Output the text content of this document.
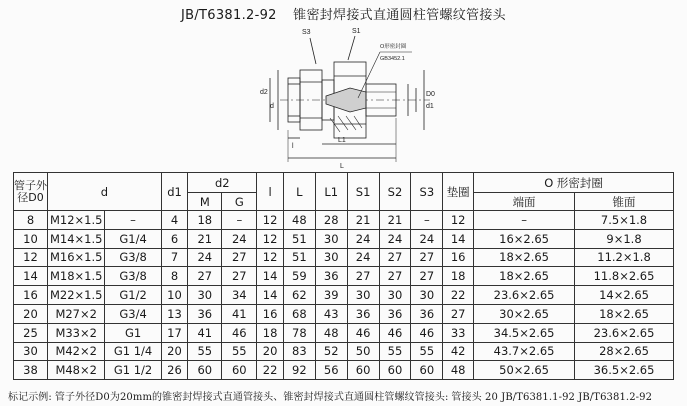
JB/T6381.2-92 锥密封焊接式直通圆柱管螺纹管接头
S3	S1
O形密封圈
GB3452.1
d2
d
D0
d1
L1
l
L
管子外径D0	d		d1	d2		l	L	L1	S1	S2	S3	垫圈	O 形密封圈	
				M	G								端面	锥面
8	M12×1.5	–	4	18	–	12	48	28	21	21	–	12	–	7.5×1.8
10	M14×1.5	G1/4	6	21	24	12	51	30	24	24	24	14	16×2.65	9×1.8
12	M16×1.5	G3/8	7	24	27	12	51	30	24	27	27	16	18×2.65	11.2×1.8
14	M18×1.5	G3/8	8	27	27	14	59	36	27	27	27	18	18×2.65	11.8×2.65
16	M22×1.5	G1/2	10	30	34	14	62	39	30	30	30	22	23.6×2.65	14×2.65
20	M27×2	G3/4	13	36	41	16	68	43	36	36	36	27	30×2.65	18×2.65
25	M33×2	G1	17	41	46	18	78	48	46	46	46	33	34.5×2.65	23.6×2.65
30	M42×2	G1 1/4	20	55	55	20	83	52	50	55	55	42	43.7×2.65	28×2.65
38	M48×2	G1 1/2	26	60	60	22	92	56	60	60	60	48	50×2.65	36.5×2.65
标记示例: 管子外径D0为20mm的锥密封焊接式直通管接头、锥密封焊接式直通圆柱管螺纹管接头: 管接头 20 JB/T6381.1-92 JB/T6381.2-92
